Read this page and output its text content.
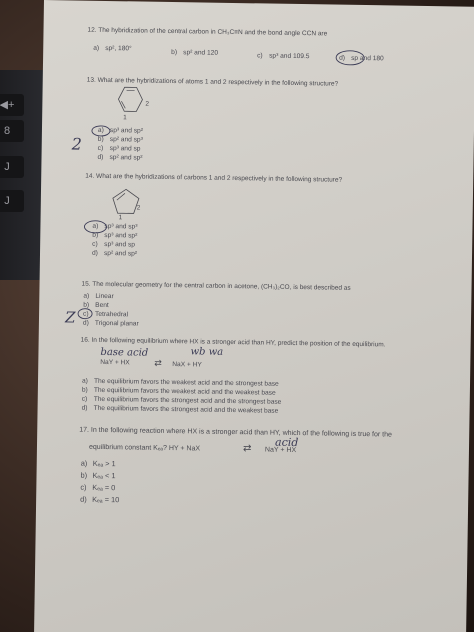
◀+
8
J
J
12. The hybridization of the central carbon in CH₃C≡N and the bond angle CCN are
a) sp², 180°
b) sp² and 120	c) sp³ and 109.5	d) sp and 180
13. What are the hybridizations of atoms 1 and 2 respectively in the following structure?
2
1
a) sp³ and sp²
b) sp² and sp³
c) sp³ and sp
d) sp² and sp²
2
14. What are the hybridizations of carbons 1 and 2 respectively in the following structure?
2
1
a) sp³ and sp³
b) sp³ and sp²
c) sp³ and sp
d) sp² and sp²
15. The molecular geometry for the central carbon in acetone, (CH₃)₂CO, is best described as
a) Linear
b) Bent
c) Tetrahedral
d) Trigonal planar
Z
16. In the following equilibrium where HX is a stronger acid than HY, predict the position of the equilibrium.
base acid	wb wa
NaY + HX	⇄ NaX + HY
a) The equilibrium favors the weakest acid and the strongest base
b) The equilibrium favors the weakest acid and the weakest base
c) The equilibrium favors the strongest acid and the strongest base
d) The equilibrium favors the strongest acid and the weakest base
17. In the following reaction where HX is a stronger acid than HY, which of the following is true for the
acid
equilibrium constant Kₑₐ? HY + NaX	⇄ NaY + HX
a) Kₑₐ > 1
b) Kₑₐ < 1
c) Kₑₐ = 0
d) Kₑₐ = 10
